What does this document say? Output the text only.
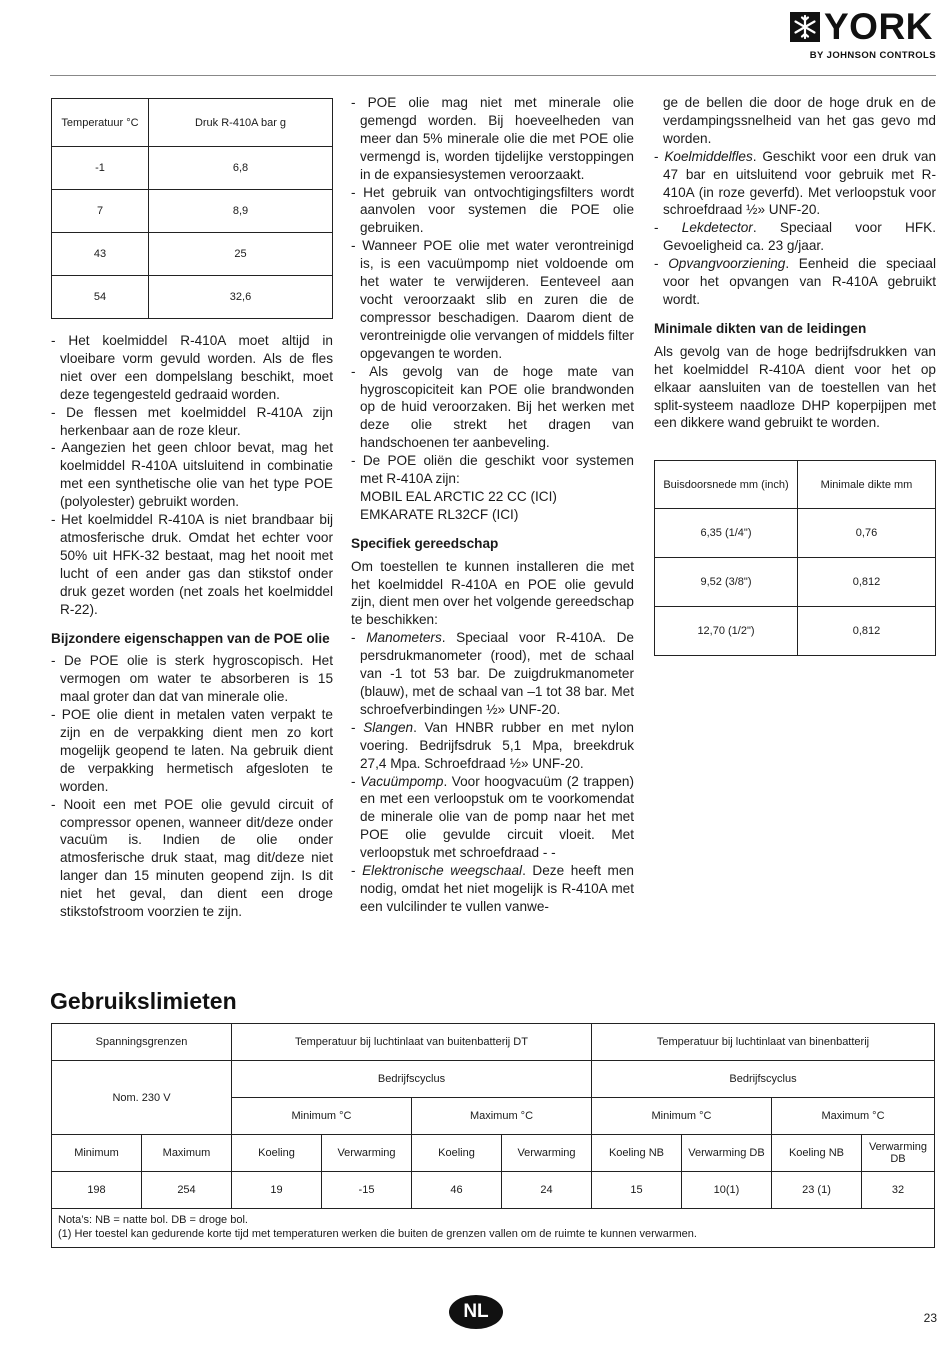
YORK
BY JOHNSON CONTROLS
Temperatuur °C	Druk R-410A bar g
-1	6,8
7	8,9
43	25
54	32,6

- Het koelmiddel R-410A moet altijd in vloeibare vorm gevuld worden. Als de fles niet over een dompelslang beschikt, moet deze tegengesteld gedraaid worden.

- De flessen met koelmiddel R-410A zijn herkenbaar aan de roze kleur.

- Aangezien het geen chloor bevat, mag het koelmiddel R-410A uitsluitend in combinatie met een synthetische olie van het type POE (polyolester) gebruikt worden.

- Het koelmiddel R-410A is niet brandbaar bij atmosferische druk. Omdat het echter voor 50% uit HFK-32 bestaat, mag het nooit met lucht of een ander gas dan stikstof onder druk gezet worden (net zoals het koelmiddel R-22).

Bijzondere eigenschappen van de POE olie

- De POE olie is sterk hygroscopisch. Het vermogen om water te absorberen is 15 maal groter dan dat van minerale olie.

- POE olie dient in metalen vaten verpakt te zijn en de verpakking dient men zo kort mogelijk geopend te laten. Na gebruik dient de verpakking hermetisch afgesloten te worden.

- Nooit een met POE olie gevuld circuit of compressor openen, wanneer dit/deze onder vacuüm is. Indien de olie onder atmosferische druk staat, mag dit/deze niet langer dan 15 minuten geopend zijn. Is dit niet het geval, dan dient een droge stikstofstroom voorzien te zijn.

- POE olie mag niet met minerale olie gemengd worden. Bij hoeveelheden van meer dan 5% minerale olie die met POE olie vermengd is, worden tijdelijke verstoppingen in de expansiesystemen veroorzaakt.

- Het gebruik van ontvochtigingsfilters wordt aanvolen voor systemen die POE olie gebruiken.

- Wanneer POE olie met water verontreinigd is, is een vacuümpomp niet voldoende om het water te verwijderen. Eenteveel aan vocht veroorzaakt slib en zuren die de compressor beschadigen. Daarom dient de verontreinigde olie vervangen of middels filter opgevangen te worden.

- Als gevolg van de hoge mate van hygroscopiciteit kan POE olie brandwonden op de huid veroorzaken. Bij het werken met deze olie strekt het dragen van handschoenen ter aanbeveling.

- De POE oliën die geschikt voor systemen met R-410A zijn:

MOBIL EAL ARCTIC 22 CC (ICI)

EMKARATE RL32CF (ICI)

Specifiek gereedschap

Om toestellen te kunnen installeren die met het koelmiddel R-410A en POE olie gevuld zijn, dient men over het volgende gereedschap te beschikken:

- Manometers. Speciaal voor R-410A. De persdrukmanometer (rood), met de schaal van -1 tot 53 bar. De zuigdrukmanometer (blauw), met de schaal van –1 tot 38 bar. Met schroefverbindingen ½» UNF-20.

- Slangen. Van HNBR rubber en met nylon voering. Bedrijfsdruk 5,1 Mpa, breekdruk 27,4 Mpa. Schroefdraad ½» UNF-20.

- Vacuümpomp. Voor hoogvacuüm (2 trappen) en met een verloopstuk om te voorkomendat de minerale olie van de pomp naar het met POE olie gevulde circuit vloeit. Met verloopstuk met schroefdraad - -

- Elektronische weegschaal. Deze heeft men nodig, omdat het niet mogelijk is R-410A met een vulcilinder te vullen vanwe-

ge de bellen die door de hoge druk en de verdampingssnelheid van het gas gevo md worden.

- Koelmiddelfles. Geschikt voor een druk van 47 bar en uitsluitend voor gebruik met R-410A (in roze geverfd). Met verloopstuk voor schroefdraad ½» UNF-20.

- Lekdetector. Speciaal voor HFK. Gevoeligheid ca. 23 g/jaar.

- Opvangvoorziening. Eenheid die speciaal voor het opvangen van R-410A gebruikt wordt.

Minimale dikten van de leidingen

Als gevolg van de hoge bedrijfsdrukken van het koelmiddel R-410A dient voor het op elkaar aansluiten van de toestellen van het split-systeem naadloze DHP koperpijpen met een dikkere wand gebruikt te worden.

Buisdoorsnede mm (inch)	Minimale dikte mm
6,35 (1/4")	0,76
9,52 (3/8")	0,812
12,70 (1/2")	0,812
Gebruikslimieten
Spanningsgrenzen		Temperatuur bij luchtinlaat van buitenbatterij DT				Temperatuur bij luchtinlaat van binenbatterij			
Nom. 230 V		Bedrijfscyclus				Bedrijfscyclus			
		Minimum °C		Maximum °C		Minimum °C		Maximum °C	
Minimum	Maximum	Koeling	Verwarming	Koeling	Verwarming	Koeling NB	Verwarming DB	Koeling NB	Verwarming DB
198	254	19	-15	46	24	15	10(1)	23 (1)	32

Nota’s: NB = natte bol. DB = droge bol.
(1) Her toestel kan gedurende korte tijd met temperaturen werken die buiten de grenzen vallen om de ruimte te kunnen verwarmen.									
NL	23
